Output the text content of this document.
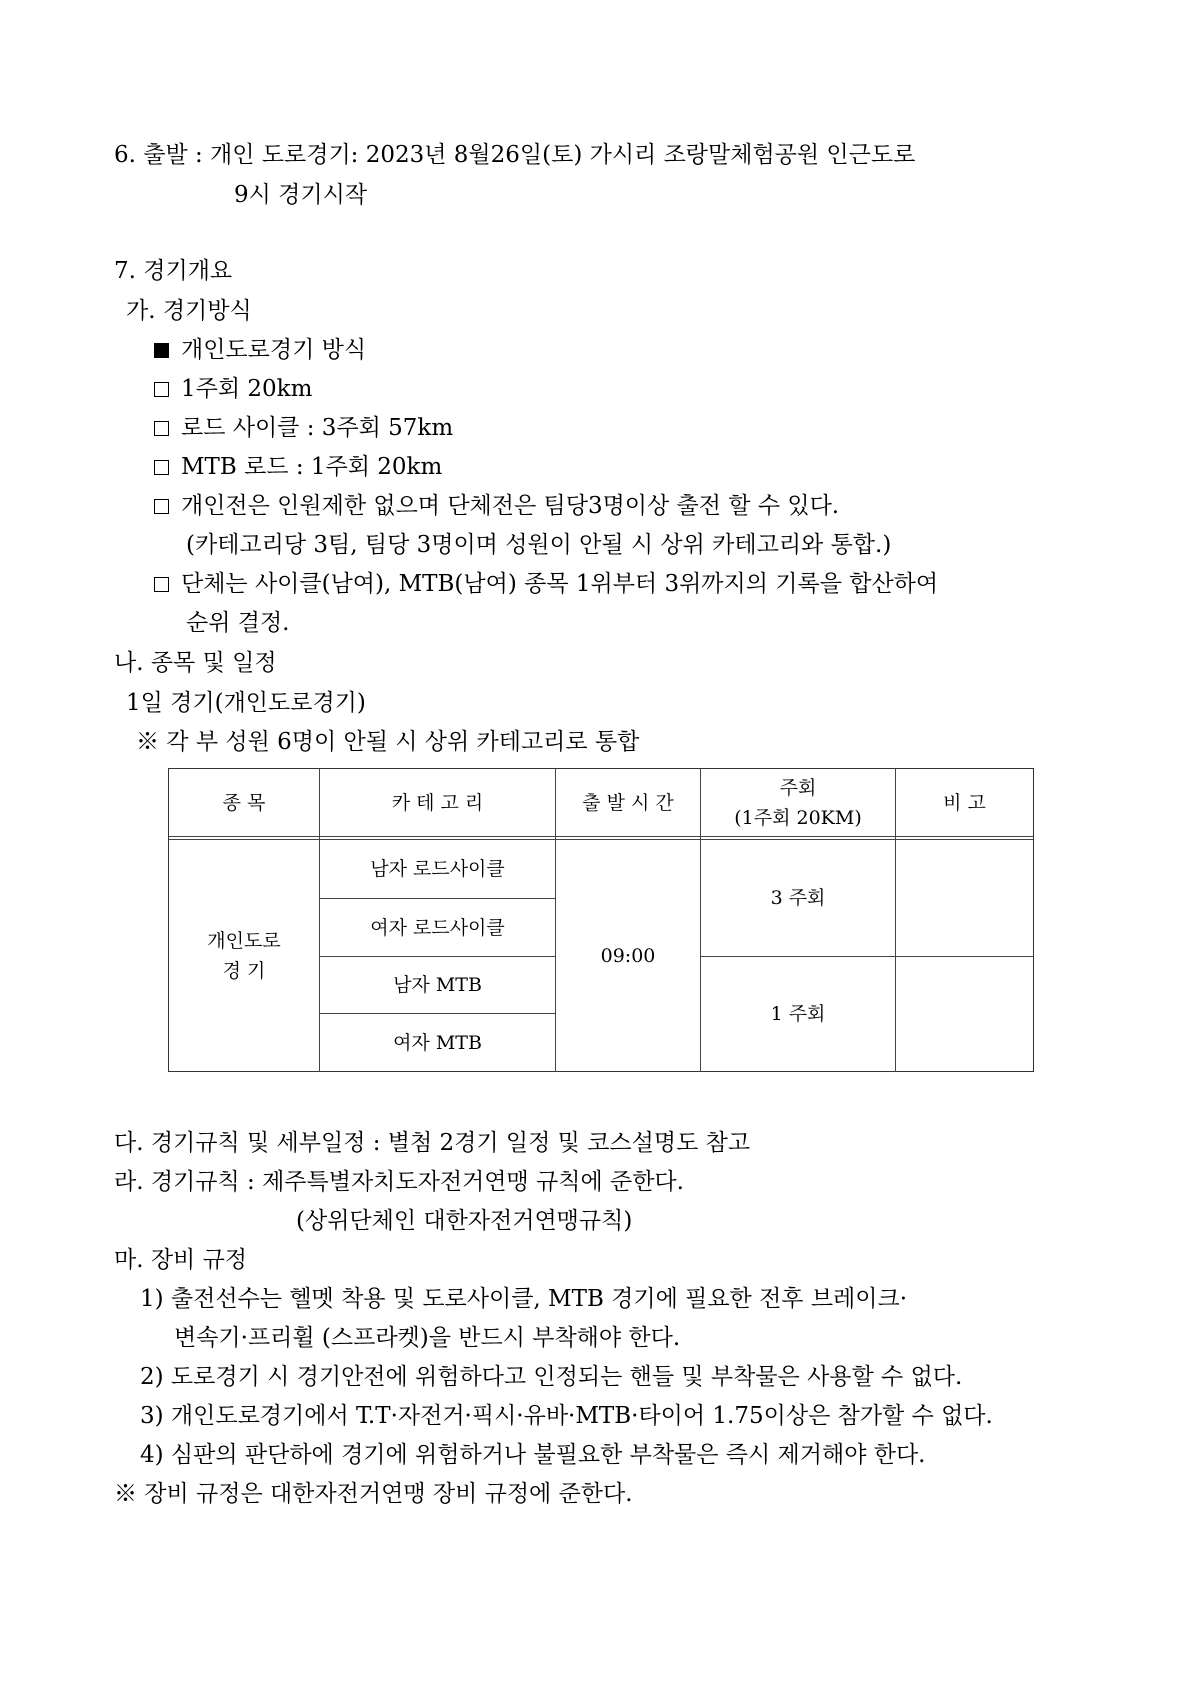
6. 출발 : 개인 도로경기: 2023년 8월26일(토) 가시리 조랑말체험공원 인근도로
9시 경기시작
7. 경기개요
가. 경기방식
개인도로경기 방식
1주회 20km
로드 사이클 : 3주회 57km
MTB 로드 : 1주회 20km
개인전은 인원제한 없으며 단체전은 팀당3명이상 출전 할 수 있다.
(카테고리당 3팀, 팀당 3명이며 성원이 안될 시 상위 카테고리와 통합.)
단체는 사이클(남여), MTB(남여) 종목 1위부터 3위까지의 기록을 합산하여
순위 결정.
나. 종목 및 일정
1일 경기(개인도로경기)
※ 각 부 성원 6명이 안될 시 상위 카테고리로 통합
종 목	카 테 고 리	출 발 시 간
주회
(1주회 20KM)
비 고
개인도로
경 기
남자 로드사이클
여자 로드사이클
남자 MTB
여자 MTB
09:00
3 주회
1 주회
다. 경기규칙 및 세부일정 : 별첨 2경기 일정 및 코스설명도 참고
라. 경기규칙 : 제주특별자치도자전거연맹 규칙에 준한다.
(상위단체인 대한자전거연맹규칙)
마. 장비 규정
1) 출전선수는 헬멧 착용 및 도로사이클, MTB 경기에 필요한 전후 브레이크·
변속기·프리휠 (스프라켓)을 반드시 부착해야 한다.
2) 도로경기 시 경기안전에 위험하다고 인정되는 핸들 및 부착물은 사용할 수 없다.
3) 개인도로경기에서 T.T·자전거·픽시·유바·MTB·타이어 1.75이상은 참가할 수 없다.
4) 심판의 판단하에 경기에 위험하거나 불필요한 부착물은 즉시 제거해야 한다.
※ 장비 규정은 대한자전거연맹 장비 규정에 준한다.
